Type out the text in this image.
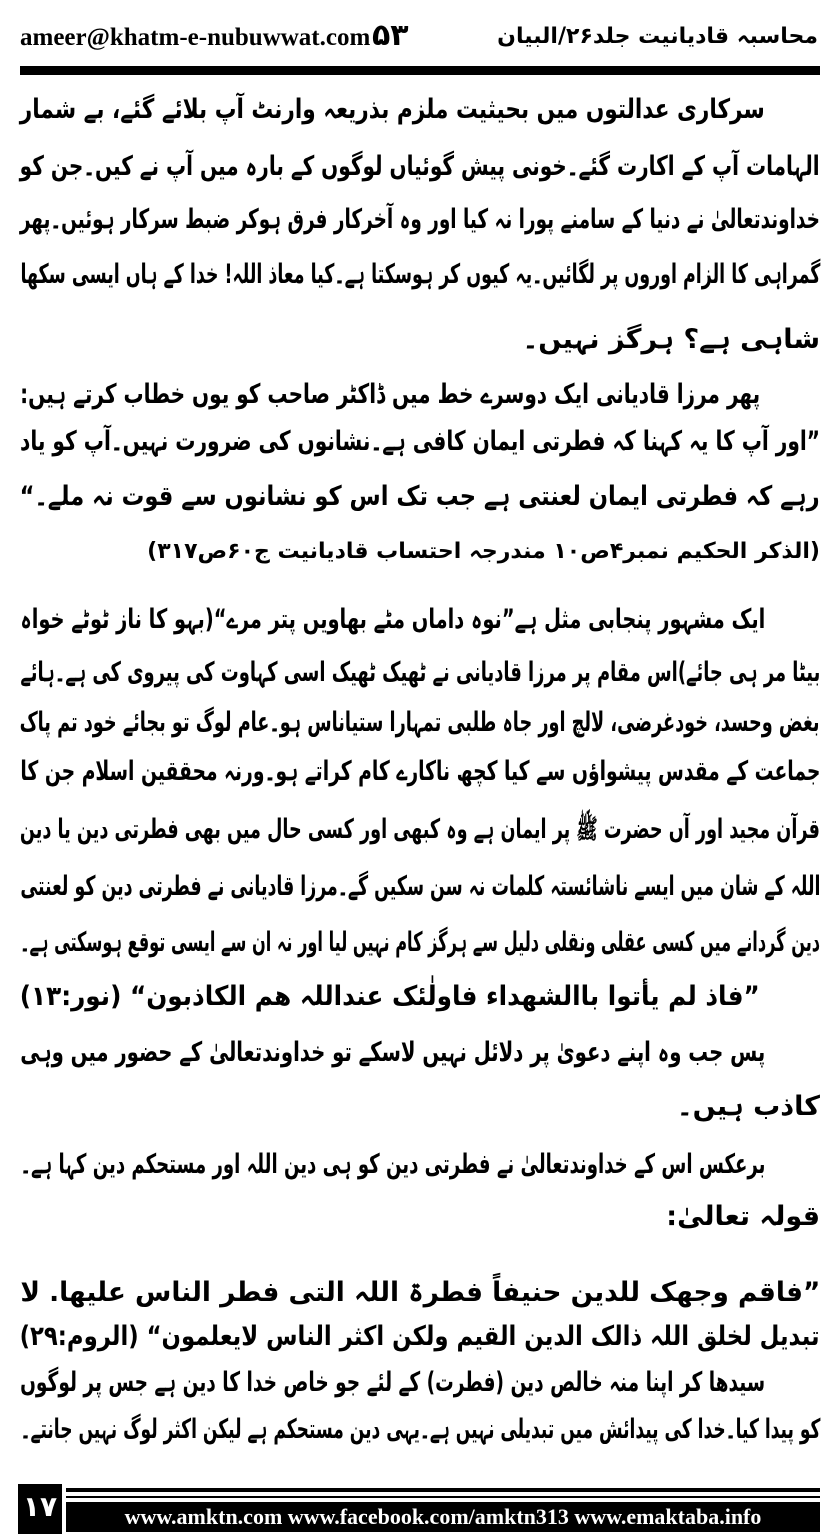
ameer@khatm-e-nubuwwat.com ۵۳	محاسبہ قادیانیت جلد۲۶/البیان
سرکاری عدالتوں میں بحیثیت ملزم بذریعہ وارنٹ آپ بلائے گئے، بے شمار
الہامات آپ کے اکارت گئے۔خونی پیش گوئیاں لوگوں کے بارہ میں آپ نے کیں۔جن کو
خداوندتعالیٰ نے دنیا کے سامنے پورا نہ کیا اور وہ آخرکار فرق ہوکر ضبط سرکار ہوئیں۔پھر
گمراہی کا الزام اوروں پر لگائیں۔یہ کیوں کر ہوسکتا ہے۔کیا معاذ اللہ! خدا کے ہاں ایسی سکھا
شاہی ہے؟ ہرگز نہیں۔
پھر مرزا قادیانی ایک دوسرے خط میں ڈاکٹر صاحب کو یوں خطاب کرتے ہیں:
”اور آپ کا یہ کہنا کہ فطرتی ایمان کافی ہے۔نشانوں کی ضرورت نہیں۔آپ کو یاد
رہے کہ فطرتی ایمان لعنتی ہے جب تک اس کو نشانوں سے قوت نہ ملے۔“
(الذکر الحکیم نمبر۴ص۱۰ مندرجہ احتساب قادیانیت ج۶۰ص۳۱۷)
ایک مشہور پنجابی مثل ہے”نوہ داماں مٹے بھاویں پتر مرے“(بہو کا ناز ٹوٹے خواہ
بیٹا مر ہی جائے)اس مقام پر مرزا قادیانی نے ٹھیک ٹھیک اسی کہاوت کی پیروی کی ہے۔ہائے
بغض وحسد، خودغرضی، لالچ اور جاہ طلبی تمہارا ستیاناس ہو۔عام لوگ تو بجائے خود تم پاک
جماعت کے مقدس پیشواؤں سے کیا کچھ ناکارے کام کراتے ہو۔ورنہ محققین اسلام جن کا
قرآن مجید اور آں حضرت ﷺ پر ایمان ہے وہ کبھی اور کسی حال میں بھی فطرتی دین یا دین
اللہ کے شان میں ایسے ناشائستہ کلمات نہ سن سکیں گے۔مرزا قادیانی نے فطرتی دین کو لعنتی
دین گردانے میں کسی عقلی ونقلی دلیل سے ہرگز کام نہیں لیا اور نہ ان سے ایسی توقع ہوسکتی ہے۔
”فاذ لم یأتوا باالشھداء فاولٰئک عنداللہ ھم الکاذبون“ (نور:۱۳)
پس جب وہ اپنے دعویٰ پر دلائل نہیں لاسکے تو خداوندتعالیٰ کے حضور میں وہی
کاذب ہیں۔
برعکس اس کے خداوندتعالیٰ نے فطرتی دین کو ہی دین اللہ اور مستحکم دین کہا ہے۔
قولہ تعالیٰ:
”فاقم وجھک للدین حنیفاً فطرۃ اللہ التی فطر الناس علیھا. لا
تبدیل لخلق اللہ ذالک الدین القیم ولکن اکثر الناس لایعلمون“ (الروم:۲۹)
سیدھا کر اپنا منہ خالص دین (فطرت) کے لئے جو خاص خدا کا دین ہے جس پر لوگوں
کو پیدا کیا۔خدا کی پیدائش میں تبدیلی نہیں ہے۔یہی دین مستحکم ہے لیکن اکثر لوگ نہیں جانتے۔
۱۷	www.amktn.com www.facebook.com/amktn313 www.emaktaba.info
